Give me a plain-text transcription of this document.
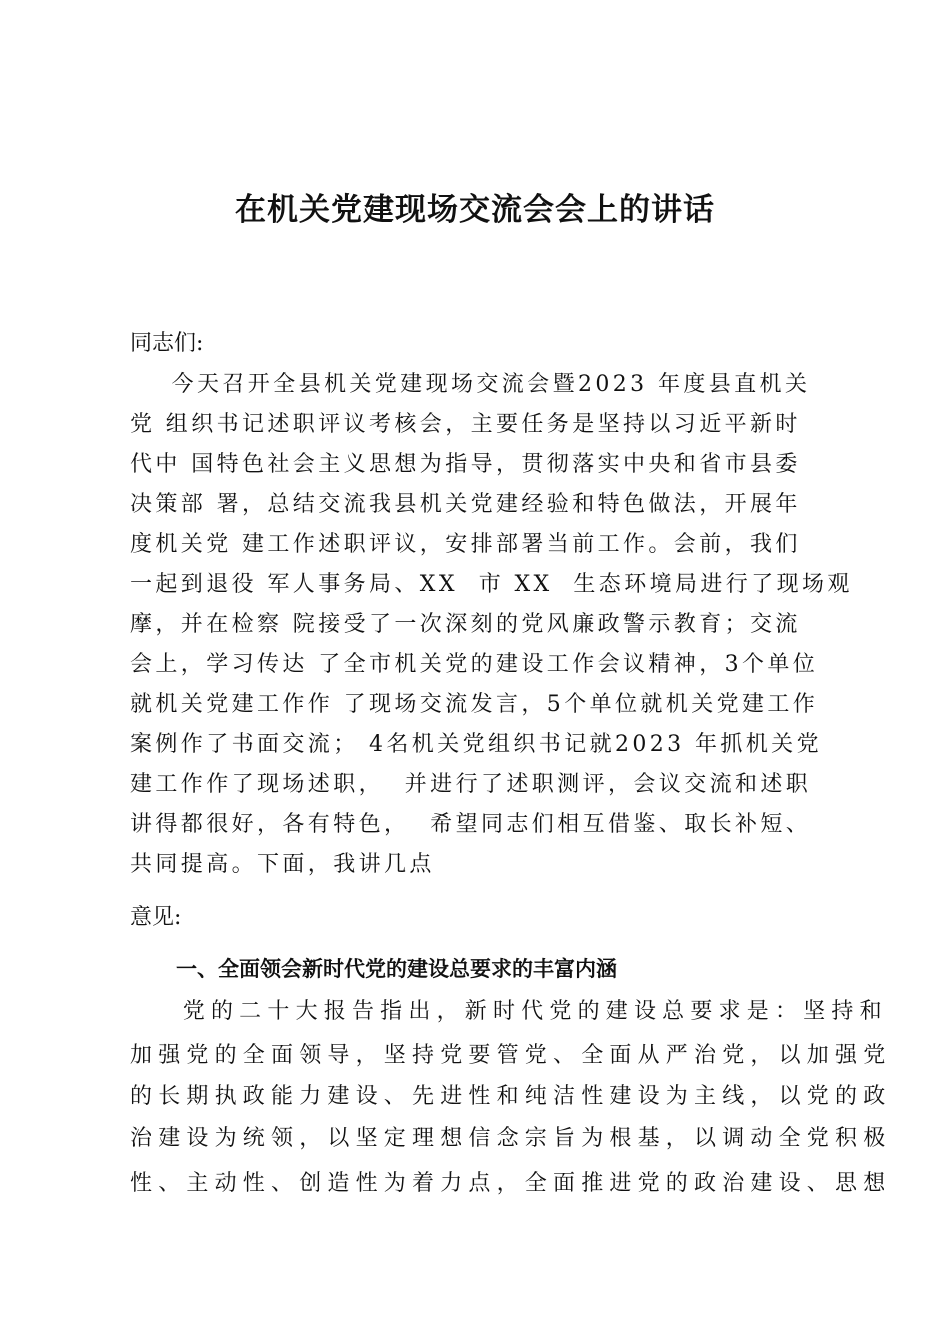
在机关党建现场交流会会上的讲话

同志们:

今天召开全县机关党建现场交流会暨2023 年度县直机关

党 组织书记述职评议考核会，主要任务是坚持以习近平新时

代中 国特色社会主义思想为指导，贯彻落实中央和省市县委

决策部 署，总结交流我县机关党建经验和特色做法，开展年

度机关党 建工作述职评议，安排部署当前工作。会前，我们

一起到退役 军人事务局、XX  市 XX  生态环境局进行了现场观

摩，并在检察 院接受了一次深刻的党风廉政警示教育；交流

会上，学习传达 了全市机关党的建设工作会议精神，3个单位

就机关党建工作作 了现场交流发言，5个单位就机关党建工作

案例作了书面交流； 4名机关党组织书记就2023 年抓机关党

建工作作了现场述职，  并进行了述职测评，会议交流和述职

讲得都很好，各有特色，  希望同志们相互借鉴、取长补短、

共同提高。下面，我讲几点

意见:

一、全面领会新时代党的建设总要求的丰富内涵

党的二十大报告指出，新时代党的建设总要求是：坚持和

加强党的全面领导，坚持党要管党、全面从严治党，以加强党

的长期执政能力建设、先进性和纯洁性建设为主线，以党的政

治建设为统领，以坚定理想信念宗旨为根基，以调动全党积极

性、主动性、创造性为着力点，全面推进党的政治建设、思想
